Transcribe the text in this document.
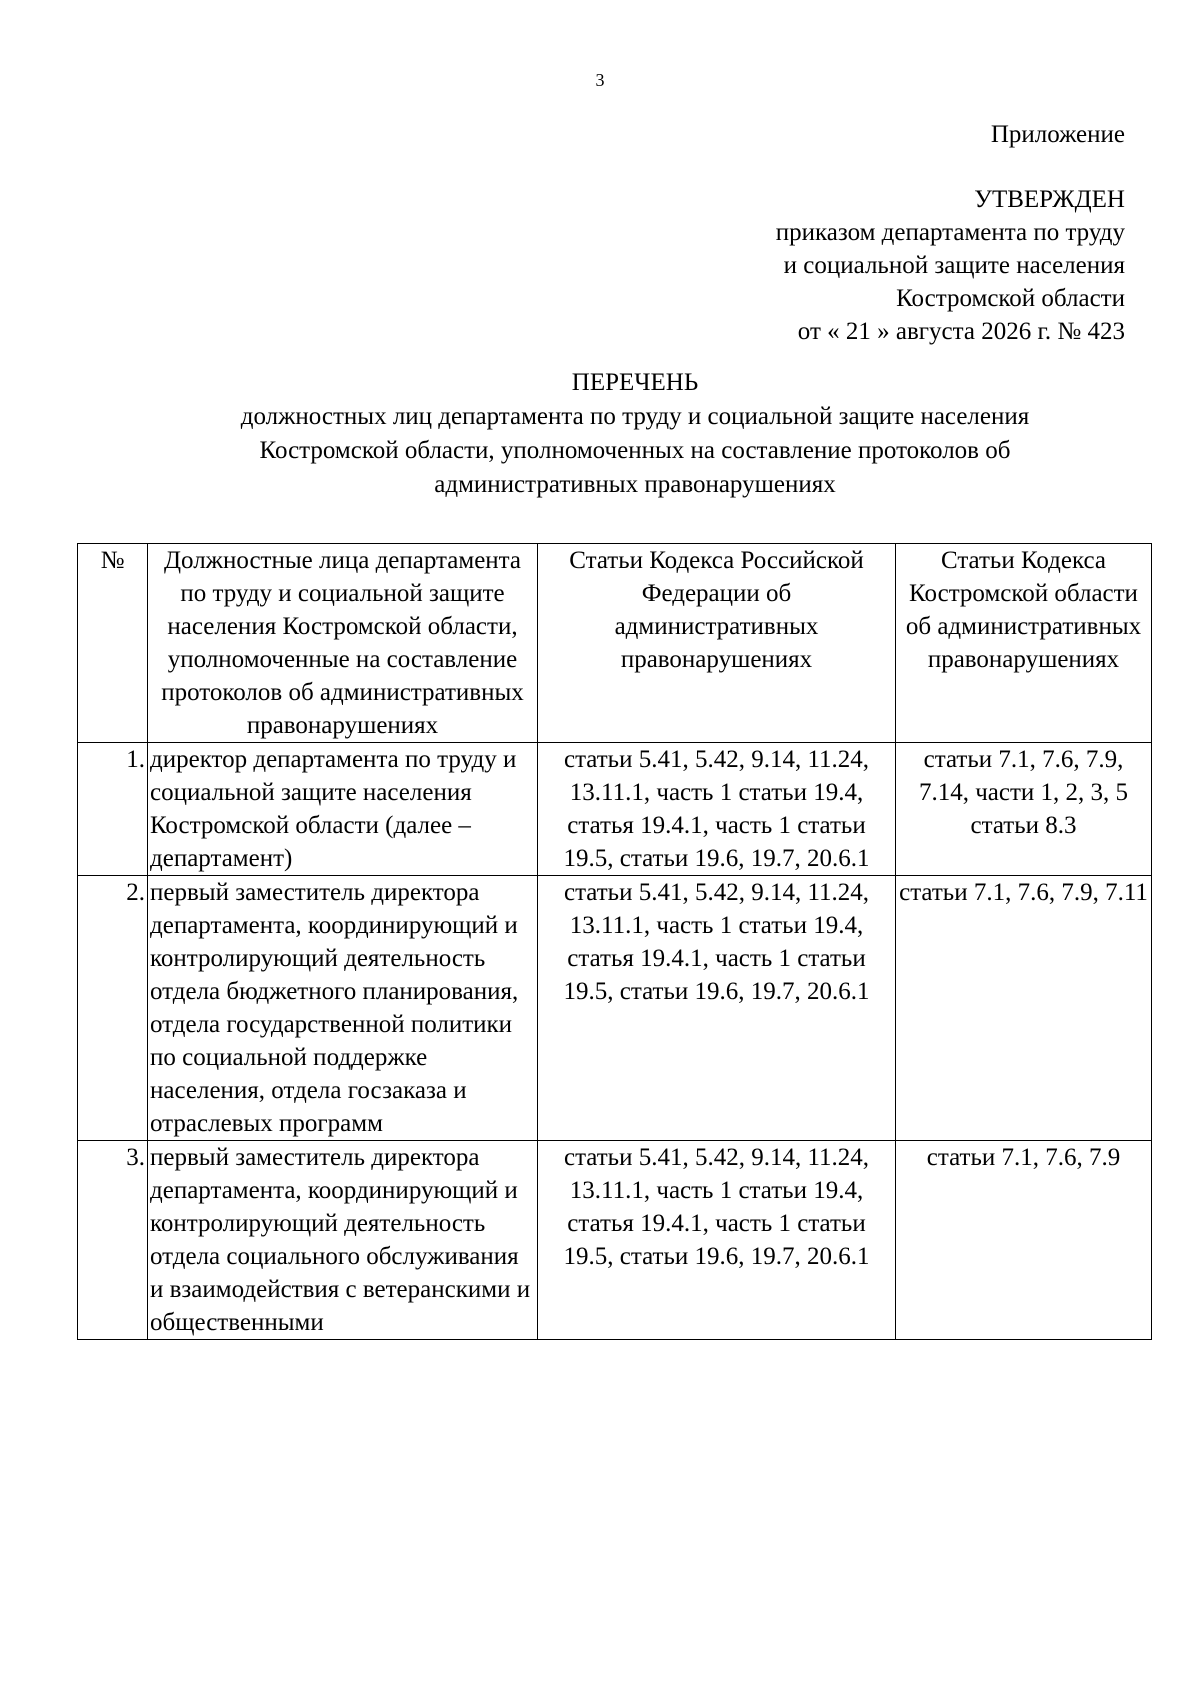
3
Приложение
УТВЕРЖДЕН
приказом департамента по труду
и социальной защите населения
Костромской области
от « 21 » августа 2026 г. № 423
ПЕРЕЧЕНЬ
должностных лиц департамента по труду и социальной защите населения
Костромской области, уполномоченных на составление протоколов об
административных правонарушениях
№	Должностные лица департамента по труду и социальной защите населения Костромской области, уполномоченные на составление протоколов об административных правонарушениях	Статьи Кодекса Российской Федерации об административных правонарушениях	Статьи Кодекса Костромской области об административных правонарушениях
1.	директор департамента по труду и социальной защите населения Костромской области (далее – департамент)	статьи 5.41, 5.42, 9.14, 11.24, 13.11.1, часть 1 статьи 19.4, статья 19.4.1, часть 1 статьи 19.5, статьи 19.6, 19.7, 20.6.1	статьи 7.1, 7.6, 7.9, 7.14, части 1, 2, 3, 5 статьи 8.3
2.	первый заместитель директора департамента, координирующий и контролирующий деятельность отдела бюджетного планирования, отдела государственной политики по социальной поддержке населения, отдела госзаказа и отраслевых программ	статьи 5.41, 5.42, 9.14, 11.24, 13.11.1, часть 1 статьи 19.4, статья 19.4.1, часть 1 статьи 19.5, статьи 19.6, 19.7, 20.6.1	статьи 7.1, 7.6, 7.9, 7.11
3.	первый заместитель директора департамента, координирующий и контролирующий деятельность отдела социального обслуживания и взаимодействия с ветеранскими и общественными	статьи 5.41, 5.42, 9.14, 11.24, 13.11.1, часть 1 статьи 19.4, статья 19.4.1, часть 1 статьи 19.5, статьи 19.6, 19.7, 20.6.1	статьи 7.1, 7.6, 7.9
